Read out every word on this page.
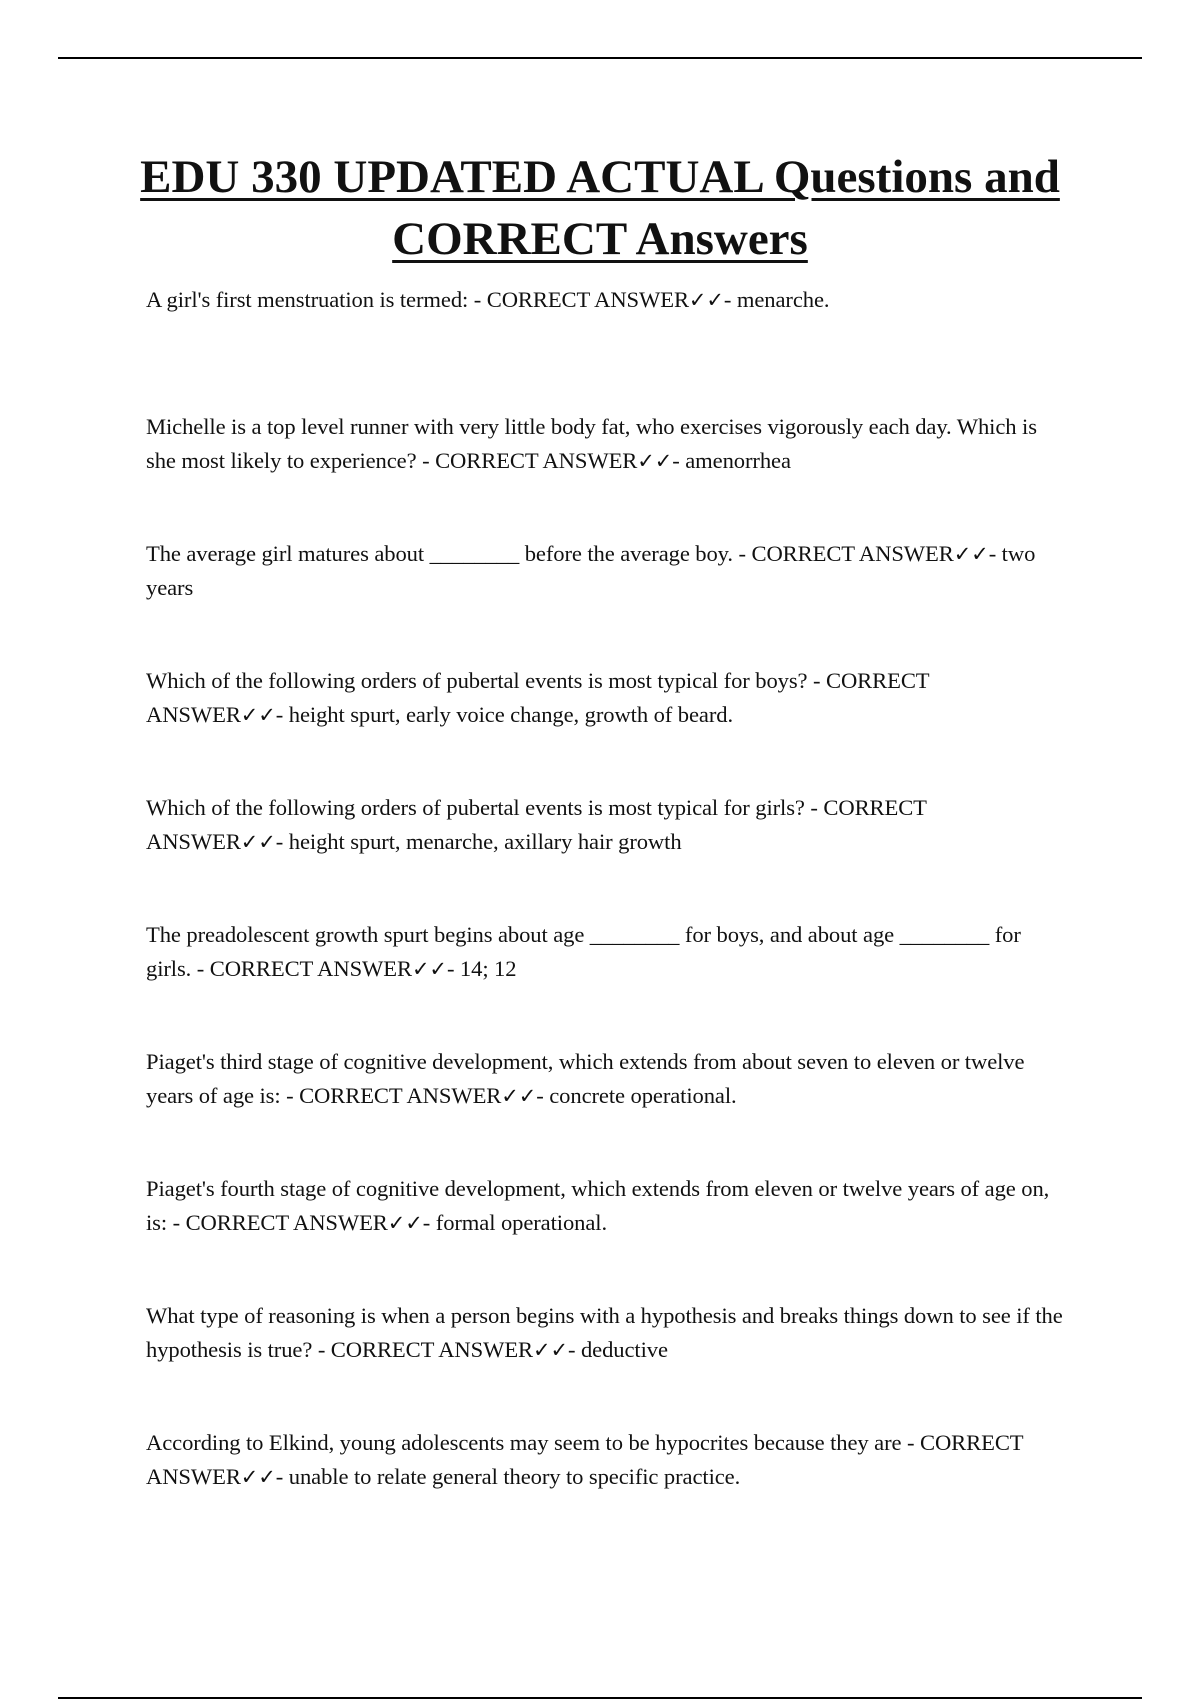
EDU 330 UPDATED ACTUAL Questions and CORRECT Answers
A girl's first menstruation is termed: - CORRECT ANSWER✓✓- menarche.
Michelle is a top level runner with very little body fat, who exercises vigorously each day. Which is she most likely to experience? - CORRECT ANSWER✓✓- amenorrhea
The average girl matures about ________ before the average boy. - CORRECT ANSWER✓✓- two years
Which of the following orders of pubertal events is most typical for boys? - CORRECT ANSWER✓✓- height spurt, early voice change, growth of beard.
Which of the following orders of pubertal events is most typical for girls? - CORRECT ANSWER✓✓- height spurt, menarche, axillary hair growth
The preadolescent growth spurt begins about age ________ for boys, and about age ________ for girls. - CORRECT ANSWER✓✓- 14; 12
Piaget's third stage of cognitive development, which extends from about seven to eleven or twelve years of age is: - CORRECT ANSWER✓✓- concrete operational.
Piaget's fourth stage of cognitive development, which extends from eleven or twelve years of age on, is: - CORRECT ANSWER✓✓- formal operational.
What type of reasoning is when a person begins with a hypothesis and breaks things down to see if the hypothesis is true? - CORRECT ANSWER✓✓- deductive
According to Elkind, young adolescents may seem to be hypocrites because they are - CORRECT ANSWER✓✓- unable to relate general theory to specific practice.
